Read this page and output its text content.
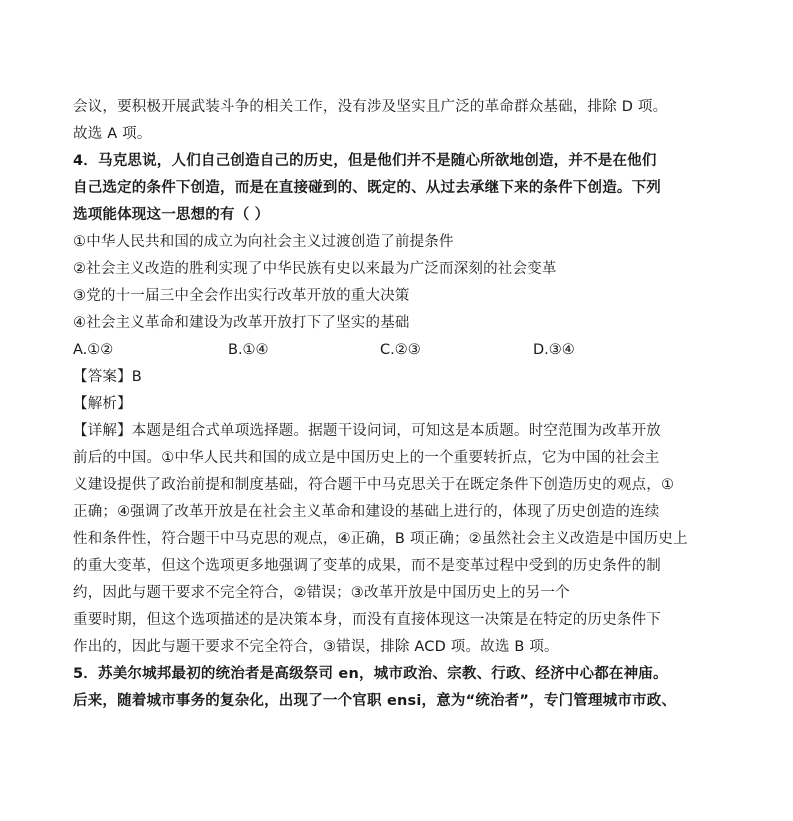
会议，要积极开展武装斗争的相关工作，没有涉及坚实且广泛的革命群众基础，排除 D 项。
故选 A 项。
4．马克思说，人们自己创造自己的历史，但是他们并不是随心所欲地创造，并不是在他们
自己选定的条件下创造，而是在直接碰到的、既定的、从过去承继下来的条件下创造。下列
选项能体现这一思想的有（ ）
①中华人民共和国的成立为向社会主义过渡创造了前提条件
②社会主义改造的胜利实现了中华民族有史以来最为广泛而深刻的社会变革
③党的十一届三中全会作出实行改革开放的重大决策
④社会主义革命和建设为改革开放打下了坚实的基础
A.①②	B.①④	C.②③	D.③④
【答案】B
【解析】
【详解】本题是组合式单项选择题。据题干设问词，可知这是本质题。时空范围为改革开放
前后的中国。①中华人民共和国的成立是中国历史上的一个重要转折点，它为中国的社会主
义建设提供了政治前提和制度基础，符合题干中马克思关于在既定条件下创造历史的观点，①
正确；④强调了改革开放是在社会主义革命和建设的基础上进行的，体现了历史创造的连续
性和条件性，符合题干中马克思的观点，④正确，B 项正确；②虽然社会主义改造是中国历史上
的重大变革，但这个选项更多地强调了变革的成果，而不是变革过程中受到的历史条件的制
约，因此与题干要求不完全符合，②错误；③改革开放是中国历史上的另一个
重要时期，但这个选项描述的是决策本身，而没有直接体现这一决策是在特定的历史条件下
作出的，因此与题干要求不完全符合，③错误，排除 ACD 项。故选 B 项。
5．苏美尔城邦最初的统治者是高级祭司 en，城市政治、宗教、行政、经济中心都在神庙。
后来，随着城市事务的复杂化，出现了一个官职 ensi，意为“统治者”，专门管理城市市政、
